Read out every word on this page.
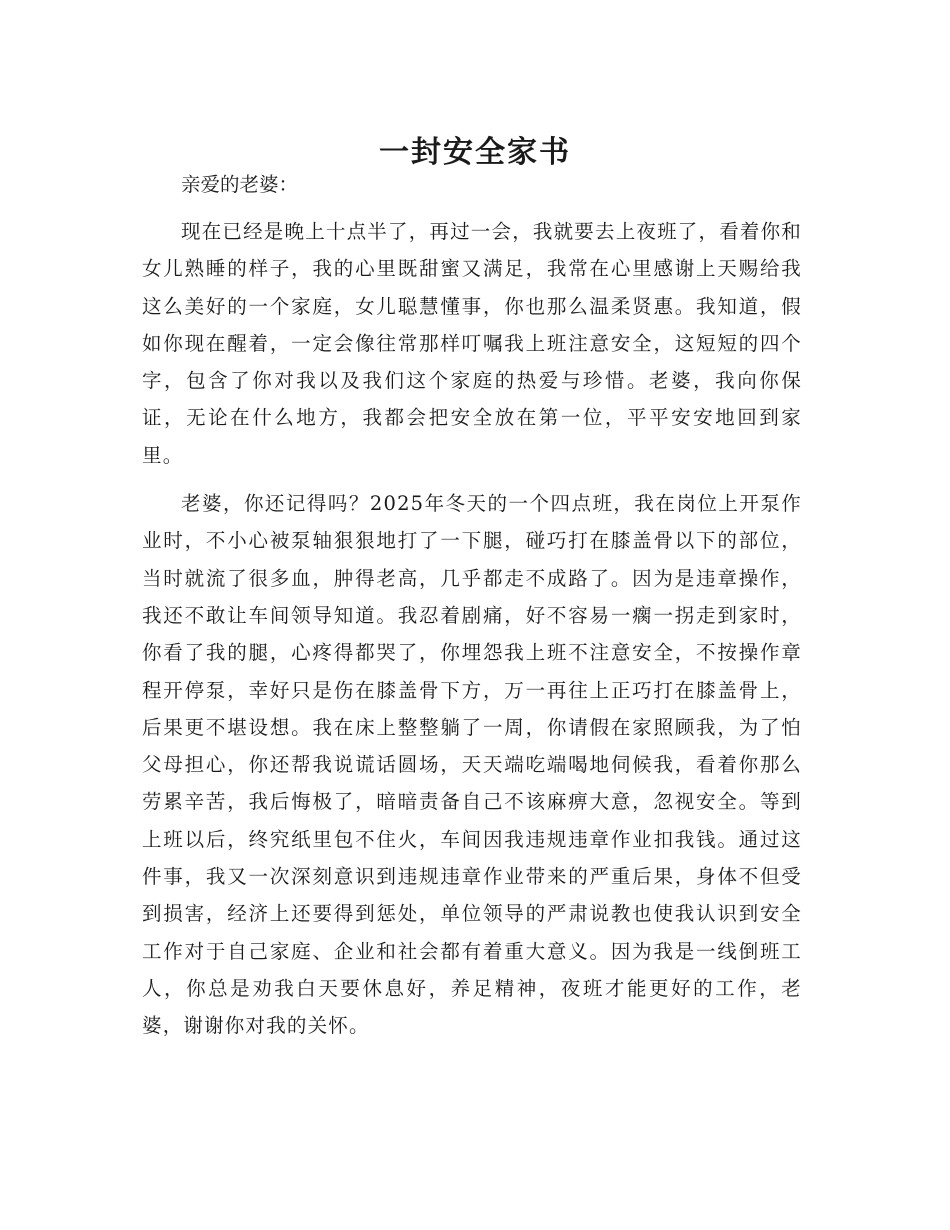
一封安全家书

亲爱的老婆：

现在已经是晚上十点半了，再过一会，我就要去上夜班了，看着你和女儿熟睡的样子，我的心里既甜蜜又满足，我常在心里感谢上天赐给我这么美好的一个家庭，女儿聪慧懂事，你也那么温柔贤惠。我知道，假如你现在醒着，一定会像往常那样叮嘱我上班注意安全，这短短的四个字，包含了你对我以及我们这个家庭的热爱与珍惜。老婆，我向你保证，无论在什么地方，我都会把安全放在第一位，平平安安地回到家里。

老婆，你还记得吗？2025年冬天的一个四点班，我在岗位上开泵作业时，不小心被泵轴狠狠地打了一下腿，碰巧打在膝盖骨以下的部位，当时就流了很多血，肿得老高，几乎都走不成路了。因为是违章操作，我还不敢让车间领导知道。我忍着剧痛，好不容易一瘸一拐走到家时，你看了我的腿，心疼得都哭了，你埋怨我上班不注意安全，不按操作章程开停泵，幸好只是伤在膝盖骨下方，万一再往上正巧打在膝盖骨上，后果更不堪设想。我在床上整整躺了一周，你请假在家照顾我，为了怕父母担心，你还帮我说谎话圆场，天天端吃端喝地伺候我，看着你那么劳累辛苦，我后悔极了，暗暗责备自己不该麻痹大意，忽视安全。等到上班以后，终究纸里包不住火，车间因我违规违章作业扣我钱。通过这件事，我又一次深刻意识到违规违章作业带来的严重后果，身体不但受到损害，经济上还要得到惩处，单位领导的严肃说教也使我认识到安全工作对于自己家庭、企业和社会都有着重大意义。因为我是一线倒班工人，你总是劝我白天要休息好，养足精神，夜班才能更好的工作，老婆，谢谢你对我的关怀。
